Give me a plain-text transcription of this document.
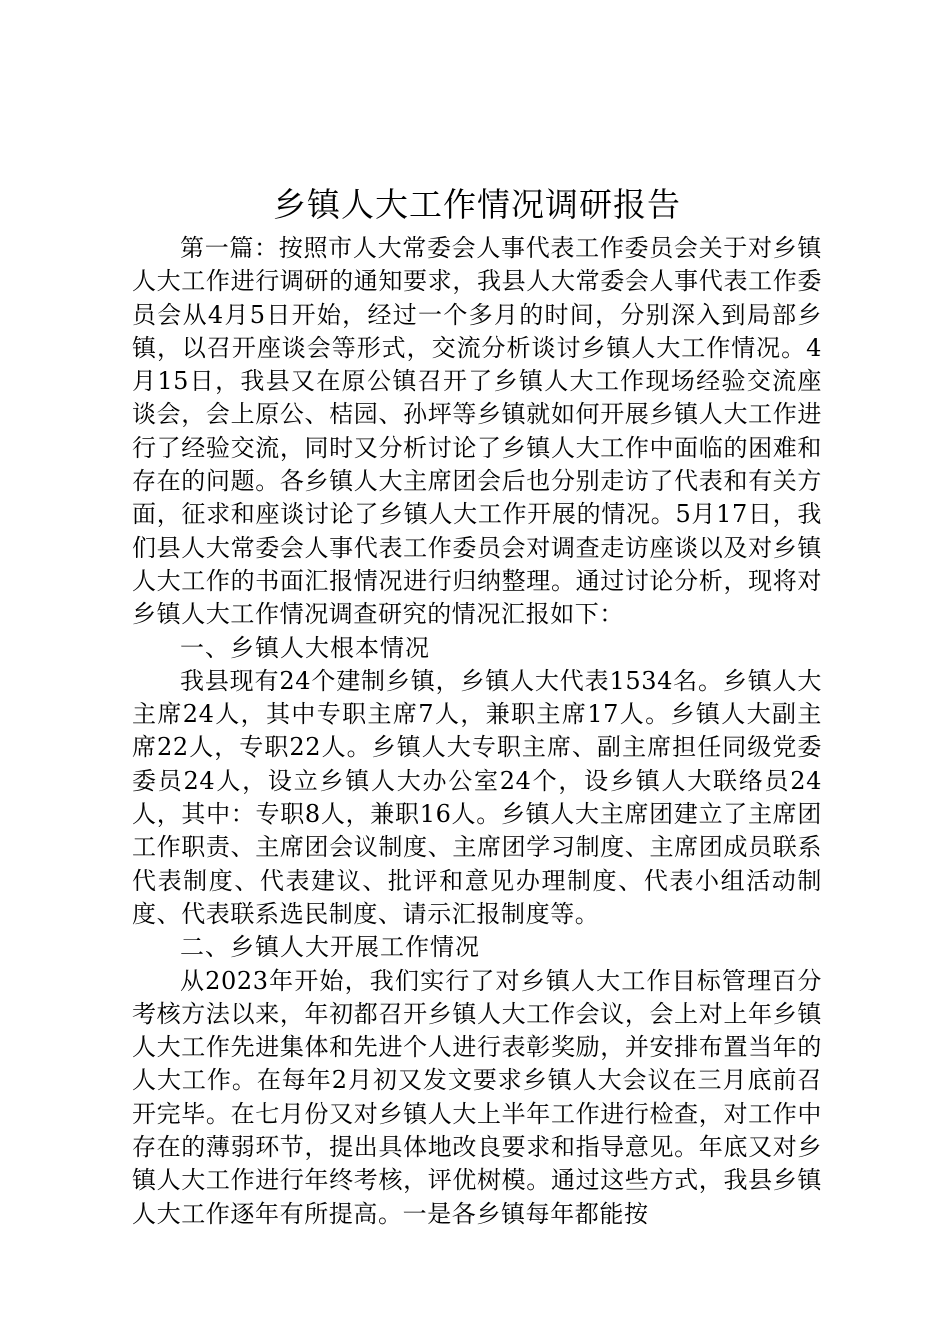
乡镇人大工作情况调研报告

第一篇：按照市人大常委会人事代表工作委员会关于对乡镇人大工作进行调研的通知要求，我县人大常委会人事代表工作委员会从4月5日开始，经过一个多月的时间，分别深入到局部乡镇，以召开座谈会等形式，交流分析谈讨乡镇人大工作情况。4月15日，我县又在原公镇召开了乡镇人大工作现场经验交流座谈会，会上原公、桔园、孙坪等乡镇就如何开展乡镇人大工作进行了经验交流，同时又分析讨论了乡镇人大工作中面临的困难和存在的问题。各乡镇人大主席团会后也分别走访了代表和有关方面，征求和座谈讨论了乡镇人大工作开展的情况。5月17日，我们县人大常委会人事代表工作委员会对调查走访座谈以及对乡镇人大工作的书面汇报情况进行归纳整理。通过讨论分析，现将对乡镇人大工作情况调查研究的情况汇报如下：

一、乡镇人大根本情况

我县现有24个建制乡镇，乡镇人大代表1534名。乡镇人大主席24人，其中专职主席7人，兼职主席17人。乡镇人大副主席22人，专职22人。乡镇人大专职主席、副主席担任同级党委委员24人，设立乡镇人大办公室24个，设乡镇人大联络员24人，其中：专职8人，兼职16人。乡镇人大主席团建立了主席团工作职责、主席团会议制度、主席团学习制度、主席团成员联系代表制度、代表建议、批评和意见办理制度、代表小组活动制度、代表联系选民制度、请示汇报制度等。

二、乡镇人大开展工作情况

从2023年开始，我们实行了对乡镇人大工作目标管理百分考核方法以来，年初都召开乡镇人大工作会议，会上对上年乡镇人大工作先进集体和先进个人进行表彰奖励，并安排布置当年的人大工作。在每年2月初又发文要求乡镇人大会议在三月底前召开完毕。在七月份又对乡镇人大上半年工作进行检查，对工作中存在的薄弱环节，提出具体地改良要求和指导意见。年底又对乡镇人大工作进行年终考核，评优树模。通过这些方式，我县乡镇人大工作逐年有所提高。一是各乡镇每年都能按
